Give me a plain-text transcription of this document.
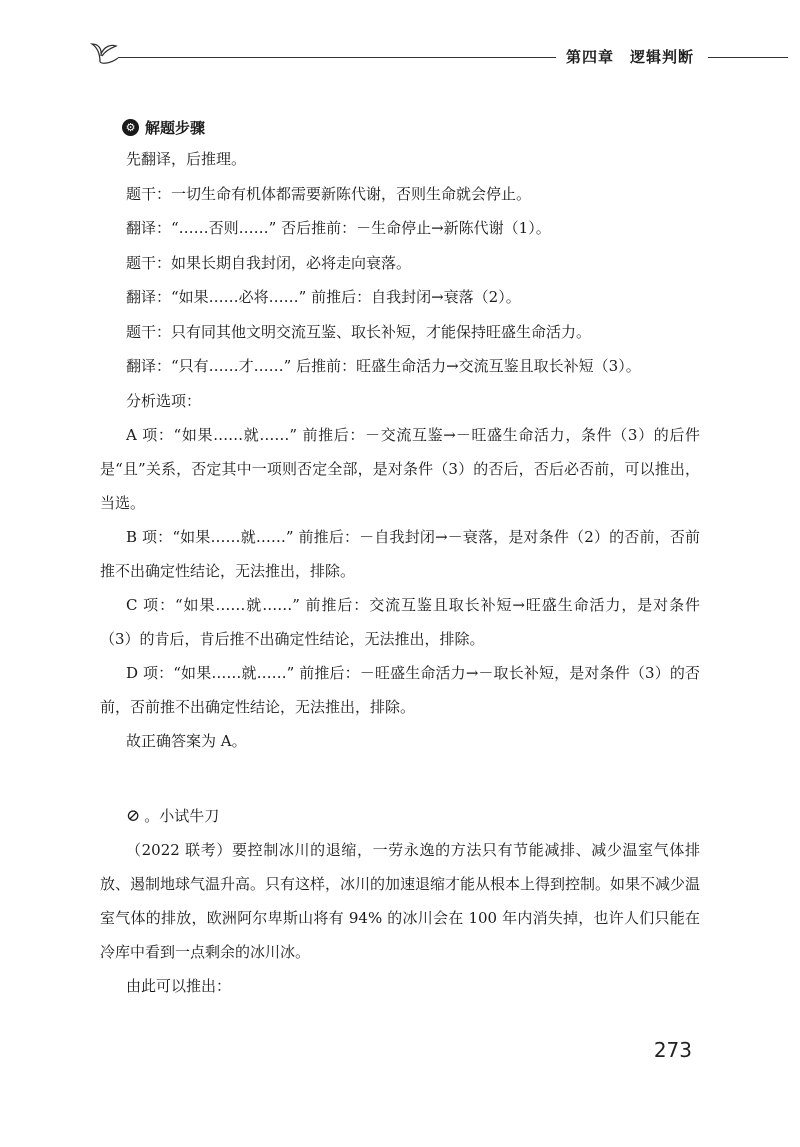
第四章 逻辑判断
⚙ 解题步骤
先翻译，后推理。
题干：一切生命有机体都需要新陈代谢，否则生命就会停止。
翻译：“……否则……” 否后推前：－生命停止→新陈代谢（1）。
题干：如果长期自我封闭，必将走向衰落。
翻译：“如果……必将……” 前推后：自我封闭→衰落（2）。
题干：只有同其他文明交流互鉴、取长补短，才能保持旺盛生命活力。
翻译：“只有……才……” 后推前：旺盛生命活力→交流互鉴且取长补短（3）。
分析选项：

A 项：“如果……就……” 前推后：－交流互鉴→－旺盛生命活力，条件（3）的后件是“且”关系，否定其中一项则否定全部，是对条件（3）的否后，否后必否前，可以推出，当选。

B 项：“如果……就……” 前推后：－自我封闭→－衰落，是对条件（2）的否前，否前推不出确定性结论，无法推出，排除。

C 项：“如果……就……” 前推后：交流互鉴且取长补短→旺盛生命活力，是对条件（3）的肯后，肯后推不出确定性结论，无法推出，排除。

D 项：“如果……就……” 前推后：－旺盛生命活力→－取长补短，是对条件（3）的否前，否前推不出确定性结论，无法推出，排除。

故正确答案为 A。
⊘ 。小试牛刀

（2022 联考）要控制冰川的退缩，一劳永逸的方法只有节能减排、减少温室气体排放、遏制地球气温升高。只有这样，冰川的加速退缩才能从根本上得到控制。如果不减少温室气体的排放，欧洲阿尔卑斯山将有 94% 的冰川会在 100 年内消失掉，也许人们只能在冷库中看到一点剩余的冰川冰。

由此可以推出：
273
